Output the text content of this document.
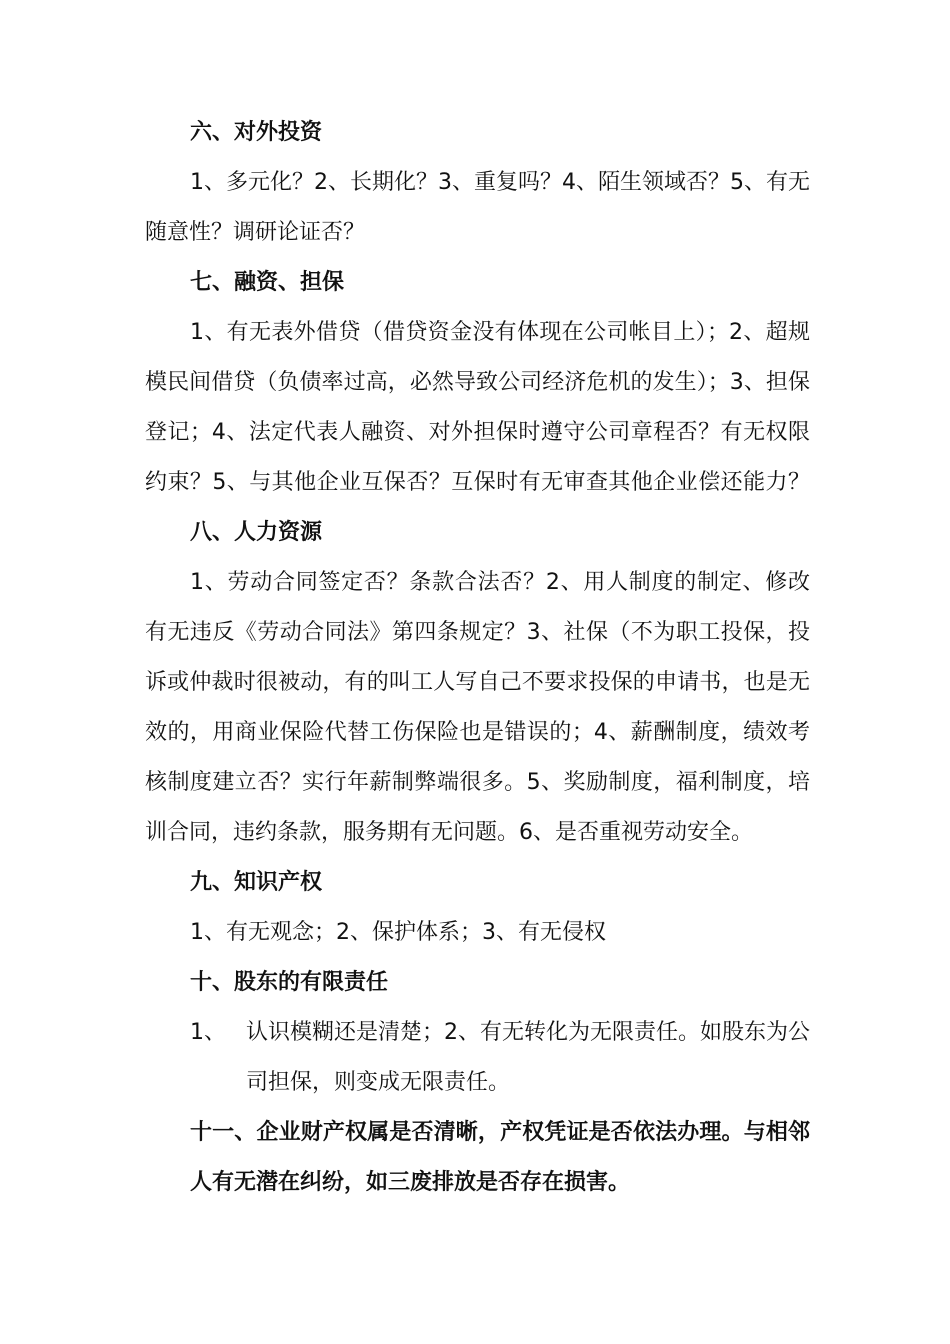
六、对外投资
1、多元化？2、长期化？3、重复吗？4、陌生领域否？5、有无
随意性？调研论证否？
七、融资、担保
1、有无表外借贷（借贷资金没有体现在公司帐目上）；2、超规
模民间借贷（负债率过高，必然导致公司经济危机的发生）；3、担保
登记；4、法定代表人融资、对外担保时遵守公司章程否？有无权限
约束？5、与其他企业互保否？互保时有无审查其他企业偿还能力？
八、人力资源
1、劳动合同签定否？条款合法否？2、用人制度的制定、修改
有无违反《劳动合同法》第四条规定？3、社保（不为职工投保，投
诉或仲裁时很被动，有的叫工人写自己不要求投保的申请书，也是无
效的，用商业保险代替工伤保险也是错误的；4、薪酬制度，绩效考
核制度建立否？实行年薪制弊端很多。5、奖励制度，福利制度，培
训合同，违约条款，服务期有无问题。6、是否重视劳动安全。
九、知识产权
1、有无观念；2、保护体系；3、有无侵权
十、股东的有限责任
1、 认识模糊还是清楚；2、有无转化为无限责任。如股东为公
司担保，则变成无限责任。
十一、企业财产权属是否清晰，产权凭证是否依法办理。与相邻
人有无潜在纠纷，如三废排放是否存在损害。
